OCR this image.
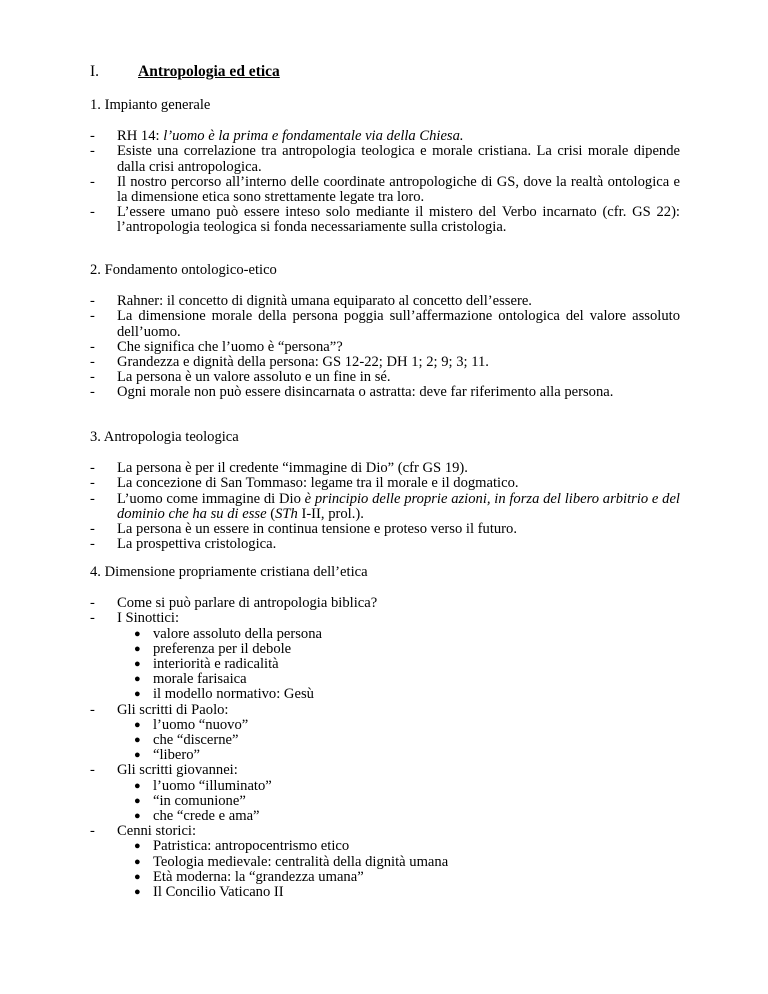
I.	Antropologia ed etica
1. Impianto generale
- RH 14: l’uomo è la prima e fondamentale via della Chiesa.
- Esiste una correlazione tra antropologia teologica e morale cristiana. La crisi morale dipende dalla crisi antropologica.
- Il nostro percorso all’interno delle coordinate antropologiche di GS, dove la realtà ontologica e la dimensione etica sono strettamente legate tra loro.
- L’essere umano può essere inteso solo mediante il mistero del Verbo incarnato (cfr. GS 22): l’antropologia teologica si fonda necessariamente sulla cristologia.
2. Fondamento ontologico-etico
- Rahner: il concetto di dignità umana equiparato al concetto dell’essere.
- La dimensione morale della persona poggia sull’affermazione ontologica del valore assoluto dell’uomo.
- Che significa che l’uomo è “persona”?
- Grandezza e dignità della persona: GS 12-22; DH 1; 2; 9; 3; 11.
- La persona è un valore assoluto e un fine in sé.
- Ogni morale non può essere disincarnata o astratta: deve far riferimento alla persona.
3. Antropologia teologica
- La persona è per il credente “immagine di Dio” (cfr GS 19).
- La concezione di San Tommaso: legame tra il morale e il dogmatico.
- L’uomo come immagine di Dio è principio delle proprie azioni, in forza del libero arbitrio e del dominio che ha su di esse (STh I-II, prol.).
- La persona è un essere in continua tensione e proteso verso il futuro.
- La prospettiva cristologica.
4. Dimensione propriamente cristiana dell’etica
- Come si può parlare di antropologia biblica?
- I Sinottici:
● valore assoluto della persona
● preferenza per il debole
● interiorità e radicalità
● morale farisaica
● il modello normativo: Gesù
- Gli scritti di Paolo:
● l’uomo “nuovo”
● che “discerne”
● “libero”
- Gli scritti giovannei:
● l’uomo “illuminato”
● “in comunione”
● che “crede e ama”
- Cenni storici:
● Patristica: antropocentrismo etico
● Teologia medievale: centralità della dignità umana
● Età moderna: la “grandezza umana”
● Il Concilio Vaticano II
